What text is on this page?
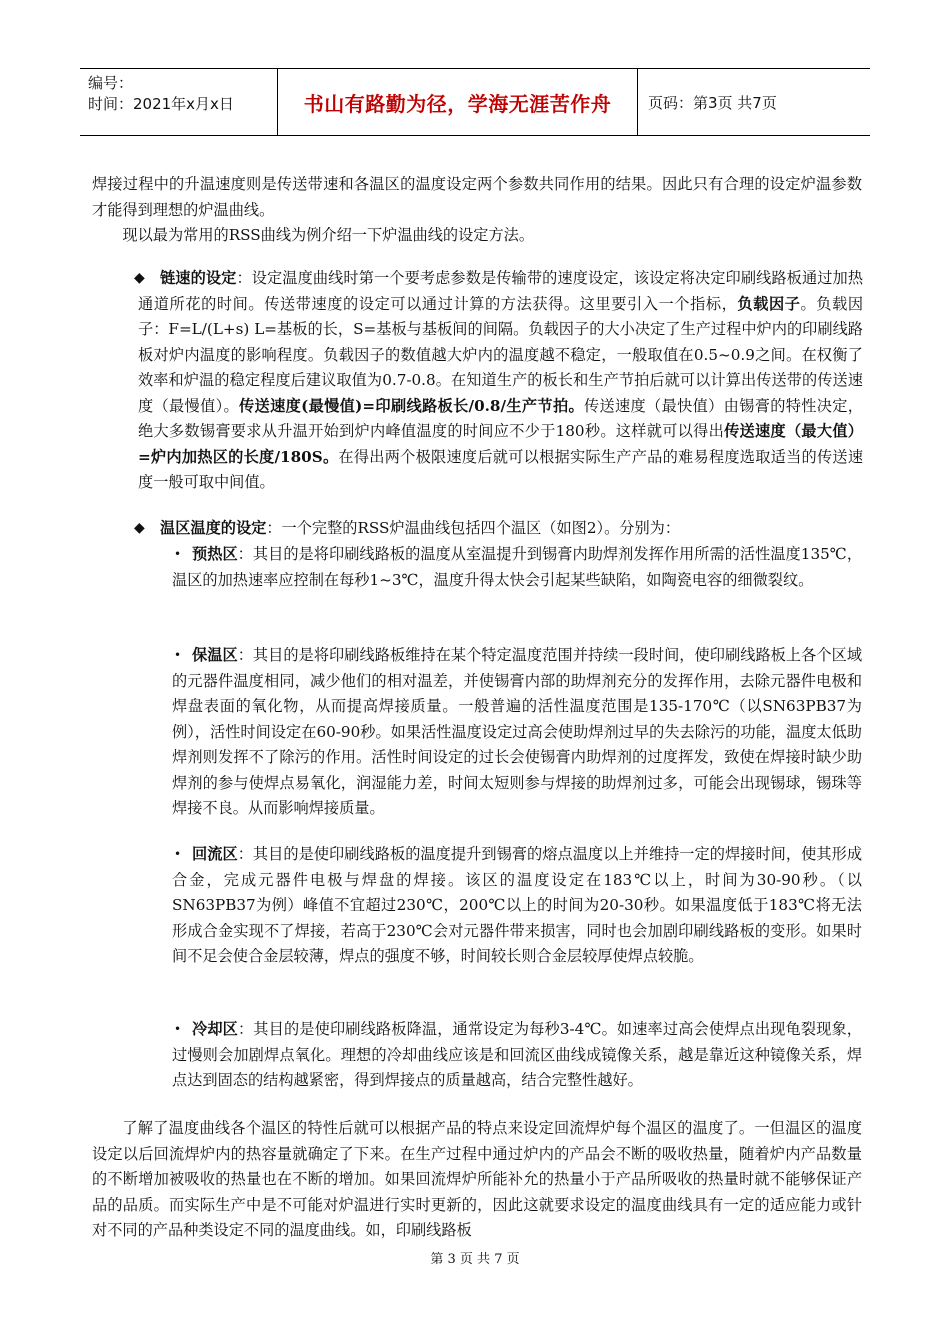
编号：
时间：2021年x月x日	书山有路勤为径，学海无涯苦作舟	页码：第3页 共7页

焊接过程中的升温速度则是传送带速和各温区的温度设定两个参数共同作用的结果。因此只有合理的设定炉温参数才能得到理想的炉温曲线。

现以最为常用的RSS曲线为例介绍一下炉温曲线的设定方法。

◆	链速的设定：设定温度曲线时第一个要考虑参数是传输带的速度设定，该设定将决定印刷线路板通过加热通道所花的时间。传送带速度的设定可以通过计算的方法获得。这里要引入一个指标，负载因子。负载因子：F=L/(L+s) L=基板的长，S=基板与基板间的间隔。负载因子的大小决定了生产过程中炉内的印刷线路板对炉内温度的影响程度。负载因子的数值越大炉内的温度越不稳定，一般取值在0.5~0.9之间。在权衡了效率和炉温的稳定程度后建议取值为0.7-0.8。在知道生产的板长和生产节拍后就可以计算出传送带的传送速度（最慢值）。传送速度(最慢值)=印刷线路板长/0.8/生产节拍。传送速度（最快值）由锡膏的特性决定，绝大多数锡膏要求从升温开始到炉内峰值温度的时间应不少于180秒。这样就可以得出传送速度（最大值）=炉内加热区的长度/180S。在得出两个极限速度后就可以根据实际生产产品的难易程度选取适当的传送速度一般可取中间值。

◆	温区温度的设定：一个完整的RSS炉温曲线包括四个温区（如图2）。分别为：

• 预热区：其目的是将印刷线路板的温度从室温提升到锡膏内助焊剂发挥作用所需的活性温度135℃，温区的加热速率应控制在每秒1~3℃，温度升得太快会引起某些缺陷，如陶瓷电容的细微裂纹。

• 保温区：其目的是将印刷线路板维持在某个特定温度范围并持续一段时间，使印刷线路板上各个区域的元器件温度相同，减少他们的相对温差，并使锡膏内部的助焊剂充分的发挥作用，去除元器件电极和焊盘表面的氧化物，从而提高焊接质量。一般普遍的活性温度范围是135-170℃（以SN63PB37为例），活性时间设定在60-90秒。如果活性温度设定过高会使助焊剂过早的失去除污的功能，温度太低助焊剂则发挥不了除污的作用。活性时间设定的过长会使锡膏内助焊剂的过度挥发，致使在焊接时缺少助焊剂的参与使焊点易氧化，润湿能力差，时间太短则参与焊接的助焊剂过多，可能会出现锡球，锡珠等焊接不良。从而影响焊接质量。

• 回流区：其目的是使印刷线路板的温度提升到锡膏的熔点温度以上并维持一定的焊接时间，使其形成合金，完成元器件电极与焊盘的焊接。该区的温度设定在183℃以上，时间为30-90秒。（以SN63PB37为例）峰值不宜超过230℃，200℃以上的时间为20-30秒。如果温度低于183℃将无法形成合金实现不了焊接，若高于230℃会对元器件带来损害，同时也会加剧印刷线路板的变形。如果时间不足会使合金层较薄，焊点的强度不够，时间较长则合金层较厚使焊点较脆。

• 冷却区：其目的是使印刷线路板降温，通常设定为每秒3-4℃。如速率过高会使焊点出现龟裂现象，过慢则会加剧焊点氧化。理想的冷却曲线应该是和回流区曲线成镜像关系，越是靠近这种镜像关系，焊点达到固态的结构越紧密，得到焊接点的质量越高，结合完整性越好。

了解了温度曲线各个温区的特性后就可以根据产品的特点来设定回流焊炉每个温区的温度了。一但温区的温度设定以后回流焊炉内的热容量就确定了下来。在生产过程中通过炉内的产品会不断的吸收热量，随着炉内产品数量的不断增加被吸收的热量也在不断的增加。如果回流焊炉所能补允的热量小于产品所吸收的热量时就不能够保证产品的品质。而实际生产中是不可能对炉温进行实时更新的，因此这就要求设定的温度曲线具有一定的适应能力或针对不同的产品种类设定不同的温度曲线。如，印刷线路板

第 3 页 共 7 页
